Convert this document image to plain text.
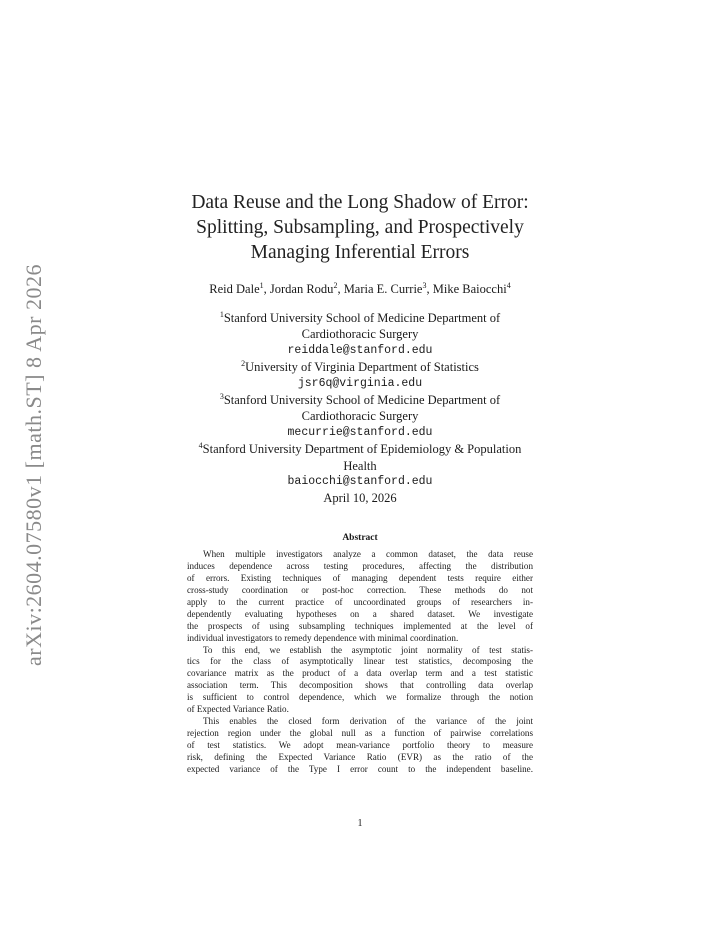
arXiv:2604.07580v1 [math.ST] 8 Apr 2026
Data Reuse and the Long Shadow of Error:
Splitting, Subsampling, and Prospectively
Managing Inferential Errors
Reid Dale$^1$, Jordan Rodu$^2$, Maria E. Currie$^3$, Mike Baiocchi$^4$
$^1$Stanford University School of Medicine Department of
Cardiothoracic Surgery
reiddale@stanford.edu
$^2$University of Virginia Department of Statistics
jsr6q@virginia.edu
$^3$Stanford University School of Medicine Department of
Cardiothoracic Surgery
mecurrie@stanford.edu
$^4$Stanford University Department of Epidemiology & Population
Health
baiocchi@stanford.edu
April 10, 2026
Abstract
When multiple investigators analyze a common dataset, the data reuse
induces dependence across testing procedures, affecting the distribution
of errors. Existing techniques of managing dependent tests require either
cross-study coordination or post-hoc correction. These methods do not
apply to the current practice of uncoordinated groups of researchers in-
dependently evaluating hypotheses on a shared dataset. We investigate
the prospects of using subsampling techniques implemented at the level of
individual investigators to remedy dependence with minimal coordination.
To this end, we establish the asymptotic joint normality of test statis-
tics for the class of asymptotically linear test statistics, decomposing the
covariance matrix as the product of a data overlap term and a test statistic
association term. This decomposition shows that controlling data overlap
is sufficient to control dependence, which we formalize through the notion
of Expected Variance Ratio.
This enables the closed form derivation of the variance of the joint
rejection region under the global null as a function of pairwise correlations
of test statistics. We adopt mean-variance portfolio theory to measure
risk, defining the Expected Variance Ratio (EVR) as the ratio of the
expected variance of the Type I error count to the independent baseline.
1
